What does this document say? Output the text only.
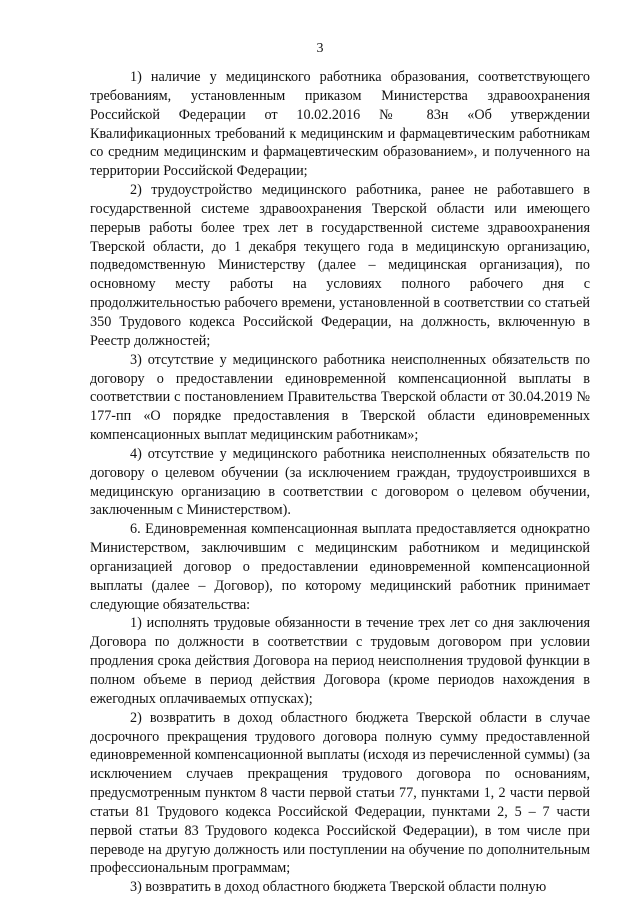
3

1) наличие у медицинского работника образования, соответствующего требованиям, установленным приказом Министерства здравоохранения Российской Федерации от 10.02.2016 № 83н «Об утверждении Квалификационных требований к медицинским и фармацевтическим работникам со средним медицинским и фармацевтическим образованием», и полученного на территории Российской Федерации;

2) трудоустройство медицинского работника, ранее не работавшего в государственной системе здравоохранения Тверской области или имеющего перерыв работы более трех лет в государственной системе здравоохранения Тверской области, до 1 декабря текущего года в медицинскую организацию, подведомственную Министерству (далее – медицинская организация), по основному месту работы на условиях полного рабочего дня с продолжительностью рабочего времени, установленной в соответствии со статьей 350 Трудового кодекса Российской Федерации, на должность, включенную в Реестр должностей;

3) отсутствие у медицинского работника неисполненных обязательств по договору о предоставлении единовременной компенсационной выплаты в соответствии с постановлением Правительства Тверской области от 30.04.2019 № 177-пп «О порядке предоставления в Тверской области единовременных компенсационных выплат медицинским работникам»;

4) отсутствие у медицинского работника неисполненных обязательств по договору о целевом обучении (за исключением граждан, трудоустроившихся в медицинскую организацию в соответствии с договором о целевом обучении, заключенным с Министерством).

6. Единовременная компенсационная выплата предоставляется однократно Министерством, заключившим с медицинским работником и медицинской организацией договор о предоставлении единовременной компенсационной выплаты (далее – Договор), по которому медицинский работник принимает следующие обязательства:

1) исполнять трудовые обязанности в течение трех лет со дня заключения Договора по должности в соответствии с трудовым договором при условии продления срока действия Договора на период неисполнения трудовой функции в полном объеме в период действия Договора (кроме периодов нахождения в ежегодных оплачиваемых отпусках);

2) возвратить в доход областного бюджета Тверской области в случае досрочного прекращения трудового договора полную сумму предоставленной единовременной компенсационной выплаты (исходя из перечисленной суммы) (за исключением случаев прекращения трудового договора по основаниям, предусмотренным пунктом 8 части первой статьи 77, пунктами 1, 2 части первой статьи 81 Трудового кодекса Российской Федерации, пунктами 2, 5 – 7 части первой статьи 83 Трудового кодекса Российской Федерации), в том числе при переводе на другую должность или поступлении на обучение по дополнительным профессиональным программам;

3) возвратить в доход областного бюджета Тверской области полную
